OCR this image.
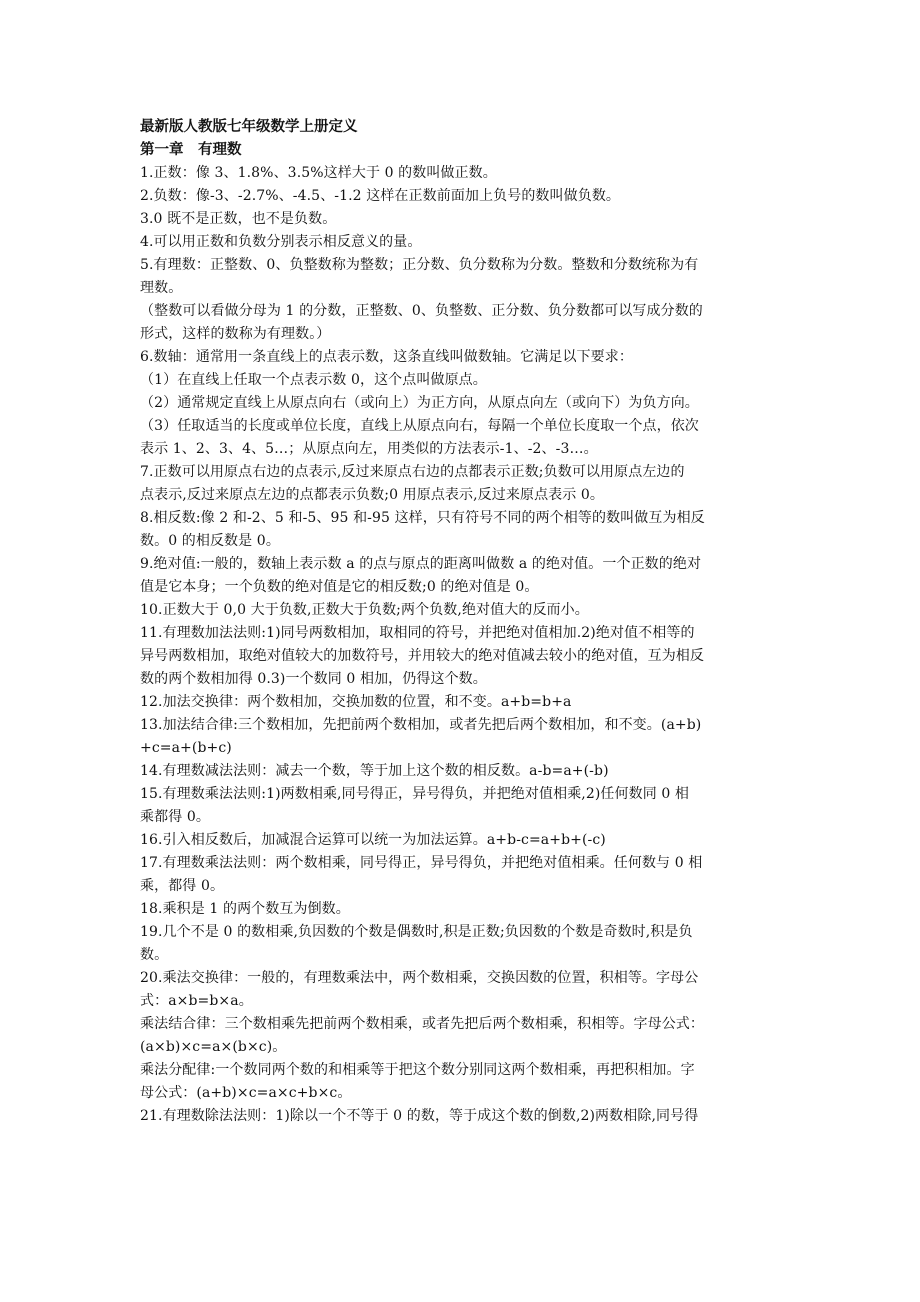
最新版人教版七年级数学上册定义
第一章　有理数
1.正数：像 3、1.8%、3.5%这样大于 0 的数叫做正数。
2.负数：像-3、-2.7%、-4.5、-1.2 这样在正数前面加上负号的数叫做负数。
3.0 既不是正数，也不是负数。
4.可以用正数和负数分别表示相反意义的量。
5.有理数：正整数、0、负整数称为整数；正分数、负分数称为分数。整数和分数统称为有
理数。
（整数可以看做分母为 1 的分数，正整数、0、负整数、正分数、负分数都可以写成分数的
形式，这样的数称为有理数。）
6.数轴：通常用一条直线上的点表示数，这条直线叫做数轴。它满足以下要求：
（1）在直线上任取一个点表示数 0，这个点叫做原点。
（2）通常规定直线上从原点向右（或向上）为正方向，从原点向左（或向下）为负方向。
（3）任取适当的长度或单位长度，直线上从原点向右，每隔一个单位长度取一个点，依次
表示 1、2、3、4、5…；从原点向左，用类似的方法表示-1、-2、-3…。
7.正数可以用原点右边的点表示,反过来原点右边的点都表示正数;负数可以用原点左边的
点表示,反过来原点左边的点都表示负数;0 用原点表示,反过来原点表示 0。
8.相反数:像 2 和-2、5 和-5、95 和-95 这样，只有符号不同的两个相等的数叫做互为相反
数。0 的相反数是 0。
9.绝对值:一般的，数轴上表示数 a 的点与原点的距离叫做数 a 的绝对值。一个正数的绝对
值是它本身；一个负数的绝对值是它的相反数;0 的绝对值是 0。
10.正数大于 0,0 大于负数,正数大于负数;两个负数,绝对值大的反而小。
11.有理数加法法则:1)同号两数相加，取相同的符号，并把绝对值相加.2)绝对值不相等的
异号两数相加，取绝对值较大的加数符号，并用较大的绝对值减去较小的绝对值，互为相反
数的两个数相加得 0.3)一个数同 0 相加，仍得这个数。
12.加法交换律：两个数相加，交换加数的位置，和不变。a+b=b+a
13.加法结合律:三个数相加，先把前两个数相加，或者先把后两个数相加，和不变。(a+b)
+c=a+(b+c)
14.有理数减法法则：减去一个数，等于加上这个数的相反数。a-b=a+(-b)
15.有理数乘法法则:1)两数相乘,同号得正，异号得负，并把绝对值相乘,2)任何数同 0 相
乘都得 0。
16.引入相反数后，加减混合运算可以统一为加法运算。a+b-c=a+b+(-c)
17.有理数乘法法则：两个数相乘，同号得正，异号得负，并把绝对值相乘。任何数与 0 相
乘，都得 0。
18.乘积是 1 的两个数互为倒数。
19.几个不是 0 的数相乘,负因数的个数是偶数时,积是正数;负因数的个数是奇数时,积是负
数。
20.乘法交换律：一般的，有理数乘法中，两个数相乘，交换因数的位置，积相等。字母公
式：a×b=b×a。
乘法结合律：三个数相乘先把前两个数相乘，或者先把后两个数相乘，积相等。字母公式：
(a×b)×c=a×(b×c)。
乘法分配律:一个数同两个数的和相乘等于把这个数分别同这两个数相乘，再把积相加。字
母公式：(a+b)×c=a×c+b×c。
21.有理数除法法则：1)除以一个不等于 0 的数，等于成这个数的倒数,2)两数相除,同号得
